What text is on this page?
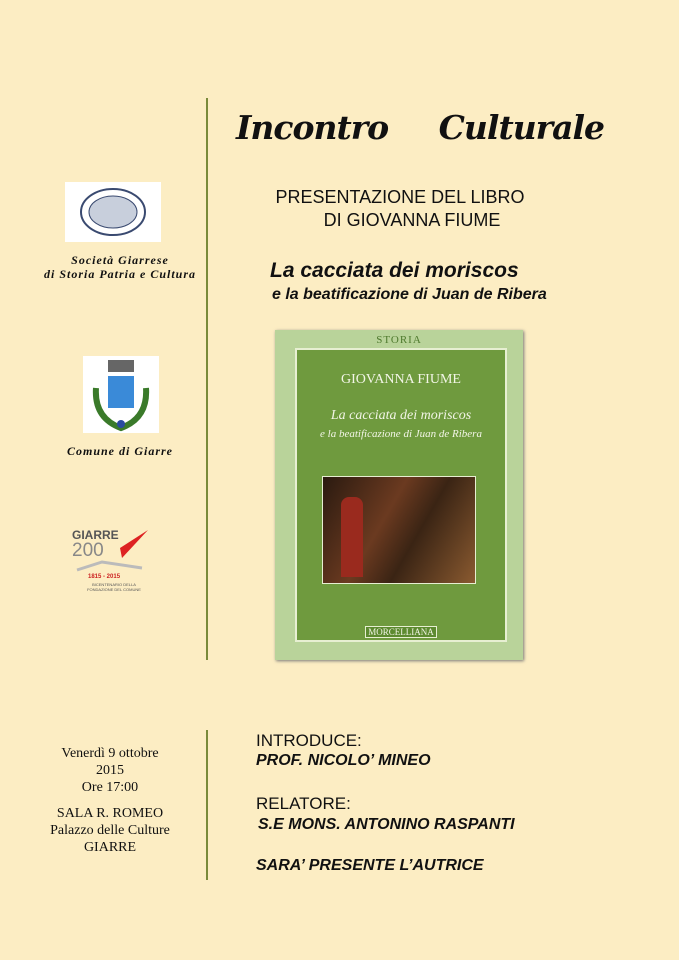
Incontro Culturale
PRESENTAZIONE DEL LIBRO
DI GIOVANNA FIUME
La cacciata dei moriscos
e la beatificazione di Juan de Ribera
STORIA
GIOVANNA FIUME
La cacciata dei moriscos
e la beatificazione di Juan de Ribera
MORCELLIANA
Società Giarrese
di Storia Patria e Cultura
Comune di Giarre
GIARRE
200
1815 - 2015
BICENTENARIO DELLA FONDAZIONE DEL COMUNE
Venerdì 9 ottobre
2015
Ore 17:00
SALA R. ROMEO
Palazzo delle Culture
GIARRE
INTRODUCE:
PROF. NICOLO’ MINEO
RELATORE:
S.E MONS. ANTONINO RASPANTI
SARA’ PRESENTE L’AUTRICE
